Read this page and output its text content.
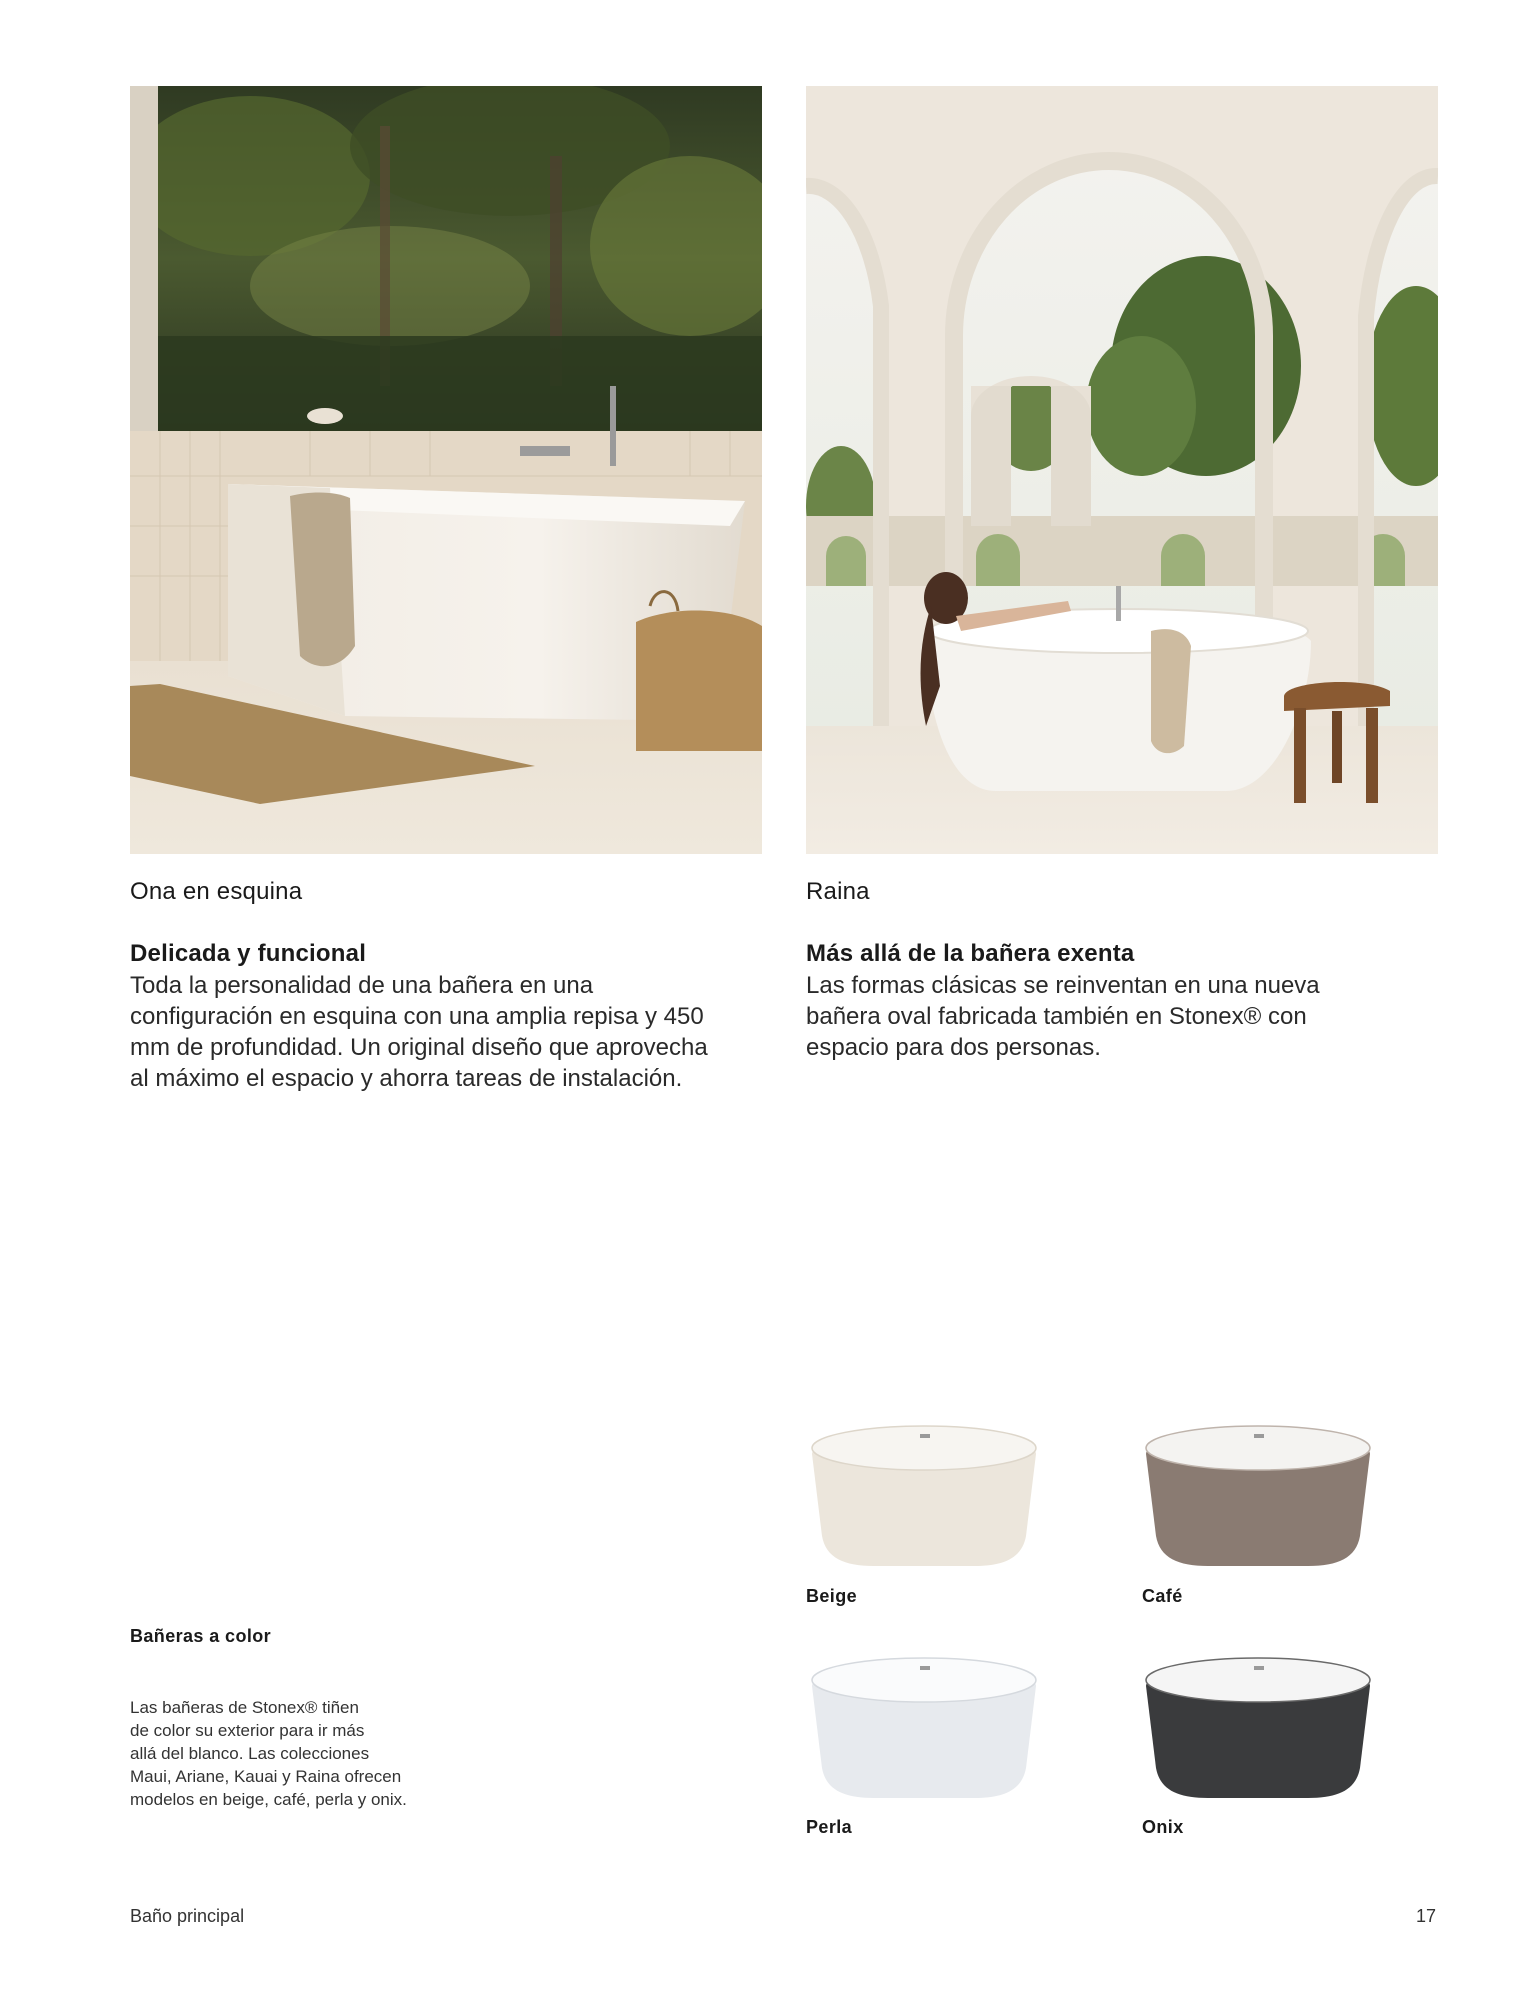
Ona en esquina
Delicada y funcional
Toda la personalidad de una bañera en una
configuración en esquina con una amplia repisa y 450
mm de profundidad. Un original diseño que aprovecha
al máximo el espacio y ahorra tareas de instalación.
Raina
Más allá de la bañera exenta
Las formas clásicas se reinventan en una nueva
bañera oval fabricada también en Stonex® con
espacio para dos personas.
Bañeras a color
Las bañeras de Stonex® tiñen
de color su exterior para ir más
allá del blanco. Las colecciones
Maui, Ariane, Kauai y Raina ofrecen
modelos en beige, café, perla y onix.
Beige	Café
Perla	Onix
Baño principal	17
